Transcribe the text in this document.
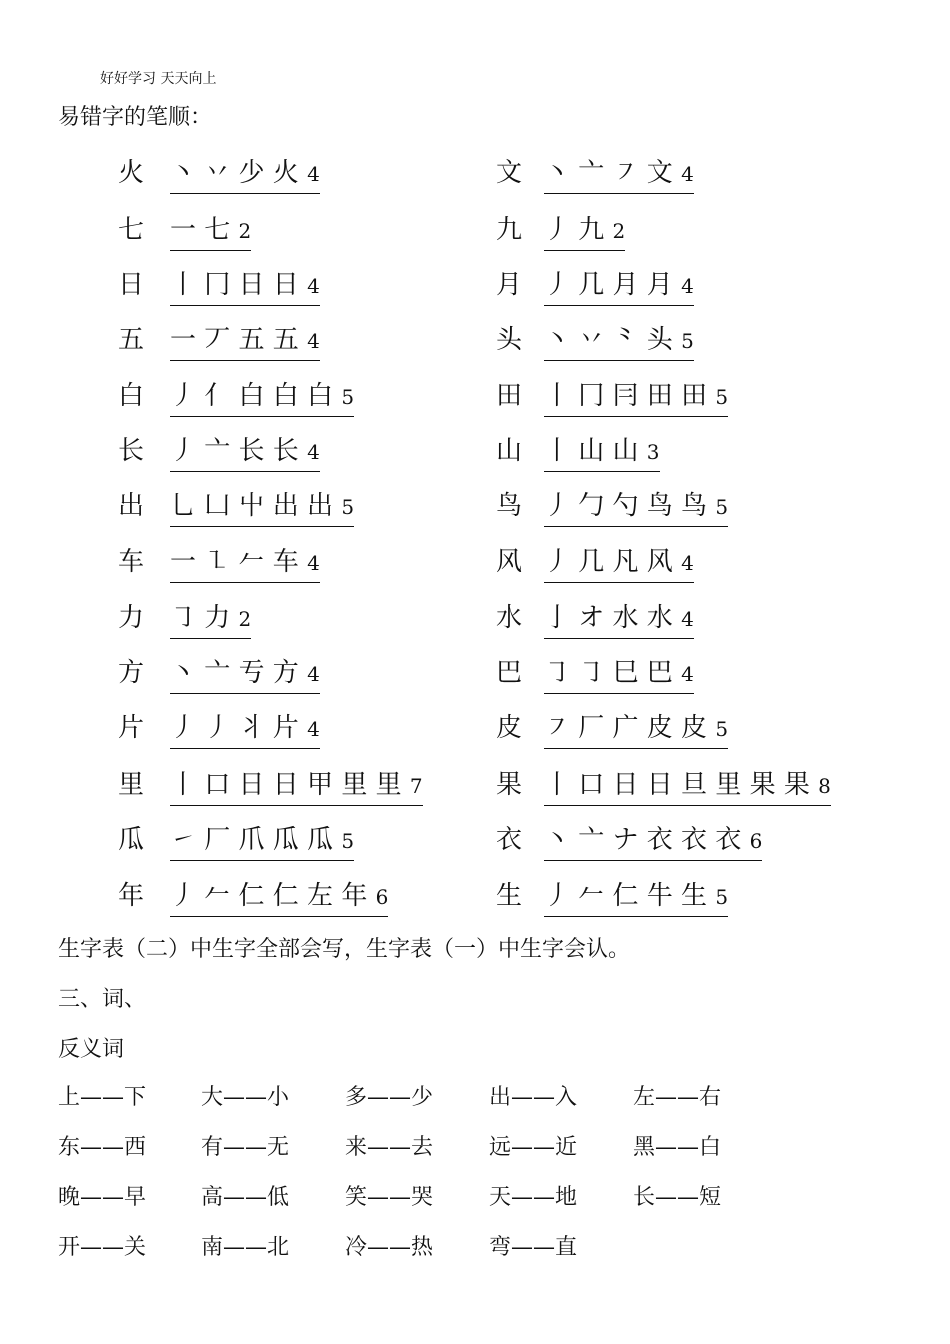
好好学习 天天向上
易错字的笔顺：
火 丶 丷 少 火 4	文 丶 亠 ㇇ 文 4
七 一 七 2	九 丿 九 2
日 丨 冂 日 日 4	月 丿 几 月 月 4
五 一 丆 五 五 4	头 丶 丷 ⺀ 头 5
白 丿 亻 白 白 白 5	田 丨 冂 冃 田 田 5
长 丿 亠 长 长 4	山 丨 山 山 3
出 乚 凵 屮 出 出 5	鸟 丿 勹 勺 鸟 鸟 5
车 一 ㇅ 𠂉 车 4	风 丿 几 凡 风 4
力 ㇆ 力 2	水 亅 オ 水 水 4
方 丶 亠 亐 方 4	巴 ㇆ ㇆ 巳 巴 4
片 丿 丿 ⺦ 片 4	皮 ㇇ 厂 广 皮 皮 5
里 丨 口 日 日 甲 里 里 7	果 丨 口 日 日 旦 里 果 果 8
瓜 ㇀ 厂 爪 瓜 瓜 5	衣 丶 亠 ナ 衣 衣 衣 6
年 丿 𠂉 仁 仁 左 年 6	生 丿 𠂉 仁 牛 生 5
生字表（二）中生字全部会写，生字表（一）中生字会认。
三、词、
反义词
上——下 大——小	多——少	出——入	左——右
东——西 有——无	来——去	远——近	黑——白
晚——早 高——低	笑——哭	天——地	长——短
开——关 南——北	冷——热	弯——直
